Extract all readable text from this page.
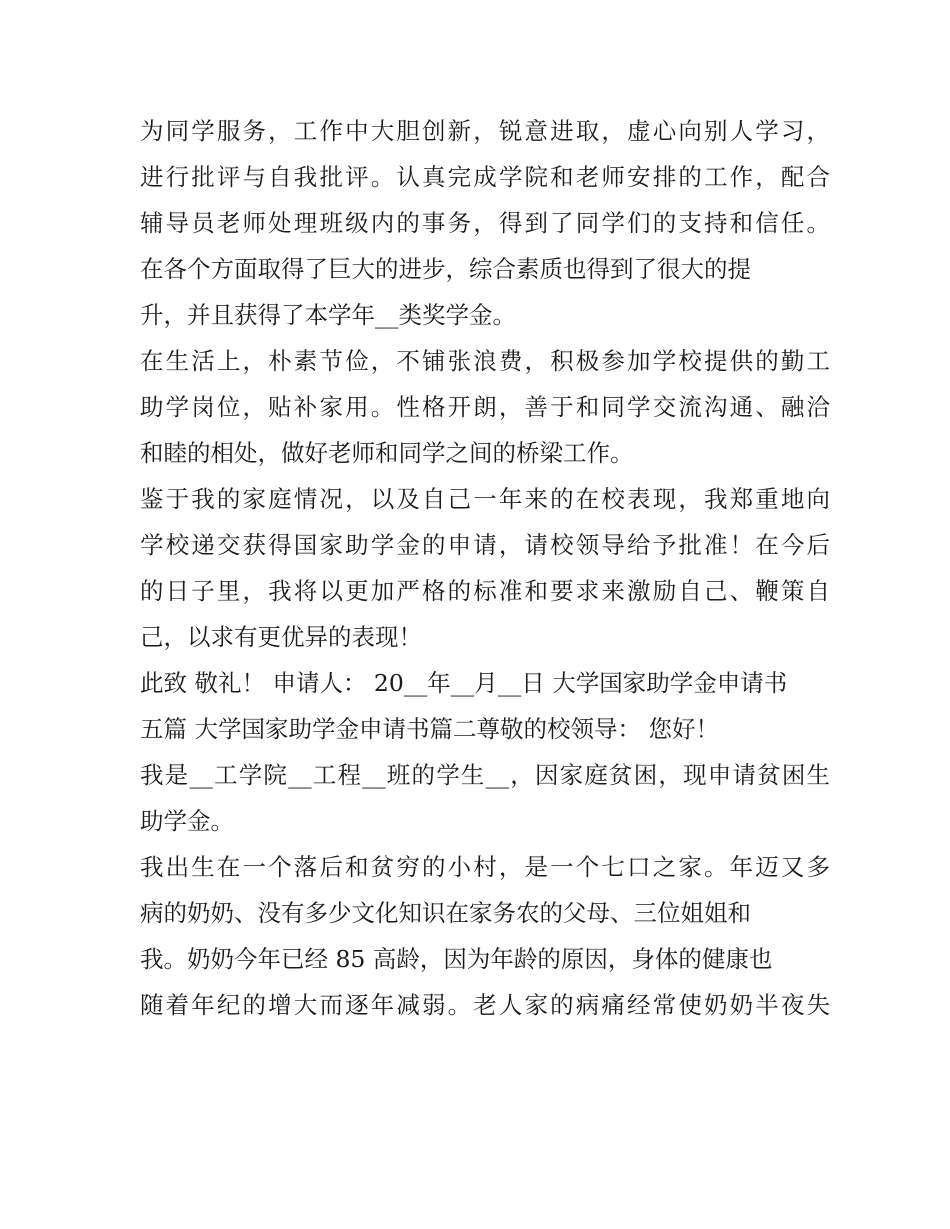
为同学服务，工作中大胆创新，锐意进取，虚心向别人学习，
进行批评与自我批评。认真完成学院和老师安排的工作，配合
辅导员老师处理班级内的事务，得到了同学们的支持和信任。
在各个方面取得了巨大的进步，综合素质也得到了很大的提
升，并且获得了本学年__类奖学金。
在生活上，朴素节俭，不铺张浪费，积极参加学校提供的勤工
助学岗位，贴补家用。性格开朗，善于和同学交流沟通、融洽
和睦的相处，做好老师和同学之间的桥梁工作。
鉴于我的家庭情况，以及自己一年来的在校表现，我郑重地向
学校递交获得国家助学金的申请，请校领导给予批准！在今后
的日子里，我将以更加严格的标准和要求来激励自己、鞭策自
己，以求有更优异的表现！
此致 敬礼！ 申请人： 20__年__月__日 大学国家助学金申请书
五篇 大学国家助学金申请书篇二尊敬的校领导： 您好！
我是__工学院__工程__班的学生__，因家庭贫困，现申请贫困生
助学金。
我出生在一个落后和贫穷的小村，是一个七口之家。年迈又多
病的奶奶、没有多少文化知识在家务农的父母、三位姐姐和
我。奶奶今年已经 85 高龄，因为年龄的原因，身体的健康也
随着年纪的增大而逐年减弱。老人家的病痛经常使奶奶半夜失
